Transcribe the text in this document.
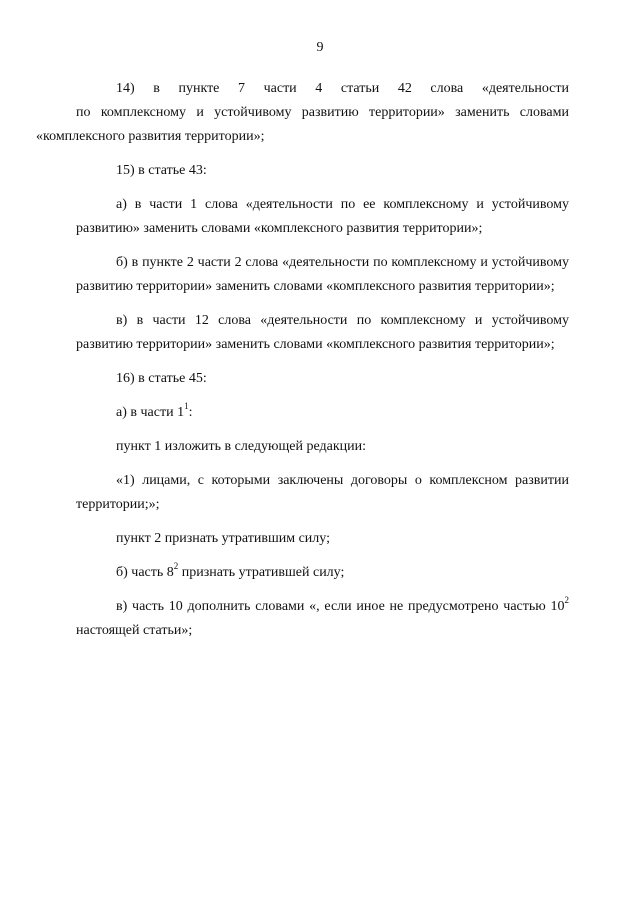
9

14) в пункте 7 части 4 статьи 42 слова «деятельности
по комплексному и устойчивому развитию территории» заменить словами «комплексного развития территории»;

15) в статье 43:

а) в части 1 слова «деятельности по ее комплексному и устойчивому развитию» заменить словами «комплексного развития территории»;

б) в пункте 2 части 2 слова «деятельности по комплексному и устойчивому развитию территории» заменить словами «комплексного развития территории»;

в) в части 12 слова «деятельности по комплексному и устойчивому развитию территории» заменить словами «комплексного развития территории»;

16) в статье 45:

а) в части $1^1$:

пункт 1 изложить в следующей редакции:

«1) лицами, с которыми заключены договоры о комплексном развитии территории;»;

пункт 2 признать утратившим силу;

б) часть $8^2$ признать утратившей силу;

в) часть 10 дополнить словами «, если иное не предусмотрено частью $10^2$ настоящей статьи»;
